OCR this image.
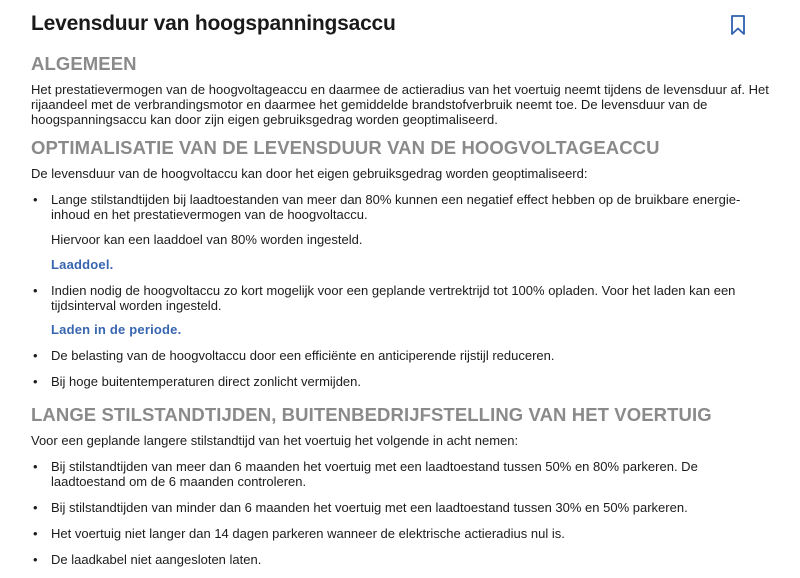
Levensduur van hoogspanningsaccu
ALGEMEEN

Het prestatievermogen van de hoogvoltageaccu en daarmee de actieradius van het voertuig neemt tijdens de levensduur af. Het rijaandeel met de verbrandingsmotor en daarmee het gemiddelde brandstofverbruik neemt toe. De levensduur van de hoogspanningsaccu kan door zijn eigen gebruiksgedrag worden geoptimaliseerd.

OPTIMALISATIE VAN DE LEVENSDUUR VAN DE HOOGVOLTAGEACCU

De levensduur van de hoogvoltaccu kan door het eigen gebruiksgedrag worden geoptimaliseerd:

• Lange stilstandtijden bij laadtoestanden van meer dan 80% kunnen een negatief effect hebben op de bruikbare energie-inhoud en het prestatievermogen van de hoogvoltaccu.
Hiervoor kan een laaddoel van 80% worden ingesteld.
Laaddoel.
• Indien nodig de hoogvoltaccu zo kort mogelijk voor een geplande vertrektrijd tot 100% opladen. Voor het laden kan een tijdsinterval worden ingesteld.
Laden in de periode.
• De belasting van de hoogvoltaccu door een efficiënte en anticiperende rijstijl reduceren.
• Bij hoge buitentemperaturen direct zonlicht vermijden.
LANGE STILSTANDTIJDEN, BUITENBEDRIJFSTELLING VAN HET VOERTUIG

Voor een geplande langere stilstandtijd van het voertuig het volgende in acht nemen:

• Bij stilstandtijden van meer dan 6 maanden het voertuig met een laadtoestand tussen 50% en 80% parkeren. De laadtoestand om de 6 maanden controleren.
• Bij stilstandtijden van minder dan 6 maanden het voertuig met een laadtoestand tussen 30% en 50% parkeren.
• Het voertuig niet langer dan 14 dagen parkeren wanneer de elektrische actieradius nul is.
• De laadkabel niet aangesloten laten.
